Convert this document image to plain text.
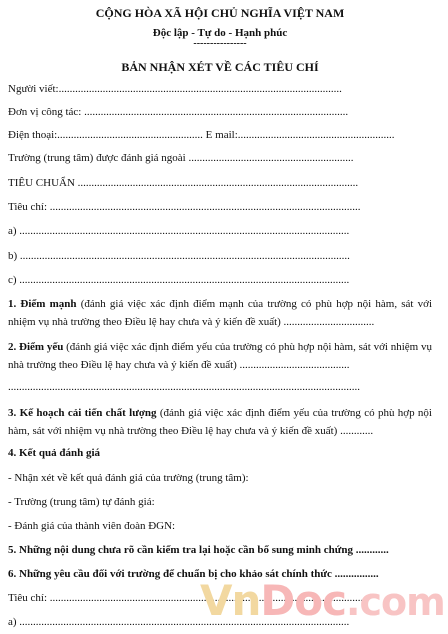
CỘNG HÒA XÃ HỘI CHỦ NGHĨA VIỆT NAM
Độc lập - Tự do - Hạnh phúc
----------------
BẢN NHẬN XÉT VỀ CÁC TIÊU CHÍ
Người viết:.......................................................................................................
Đơn vị công tác: ................................................................................................
Điện thoại:..................................................... E mail:.........................................................
Trường (trung tâm) được đánh giá ngoài ............................................................
TIÊU CHUẨN ......................................................................................................
Tiêu chí: .................................................................................................................
a) ........................................................................................................................
b) ........................................................................................................................
c) ........................................................................................................................
1. Điểm mạnh (đánh giá việc xác định điểm mạnh của trường có phù hợp nội hàm, sát với nhiệm vụ nhà trường theo Điều lệ hay chưa và ý kiến đề xuất) .................................
2. Điểm yếu (đánh giá việc xác định điểm yếu của trường có phù hợp nội hàm, sát với nhiệm vụ nhà trường theo Điều lệ hay chưa và ý kiến đề xuất) ........................................
................................................................................................................................
3. Kế hoạch cải tiến chất lượng (đánh giá việc xác định điểm yếu của trường có phù hợp nội hàm, sát với nhiệm vụ nhà trường theo Điều lệ hay chưa và ý kiến đề xuất) ............
4. Kết quả đánh giá
- Nhận xét về kết quả đánh giá của trường (trung tâm):
- Trường (trung tâm) tự đánh giá:
- Đánh giá của thành viên đoàn ĐGN:
5. Những nội dung chưa rõ cần kiểm tra lại hoặc cần bổ sung minh chứng ............
6. Những yêu cầu đối với trường để chuẩn bị cho khảo sát chính thức ................
Tiêu chí: ...................................................................................................................
a) ........................................................................................................................
VnDoc.com
